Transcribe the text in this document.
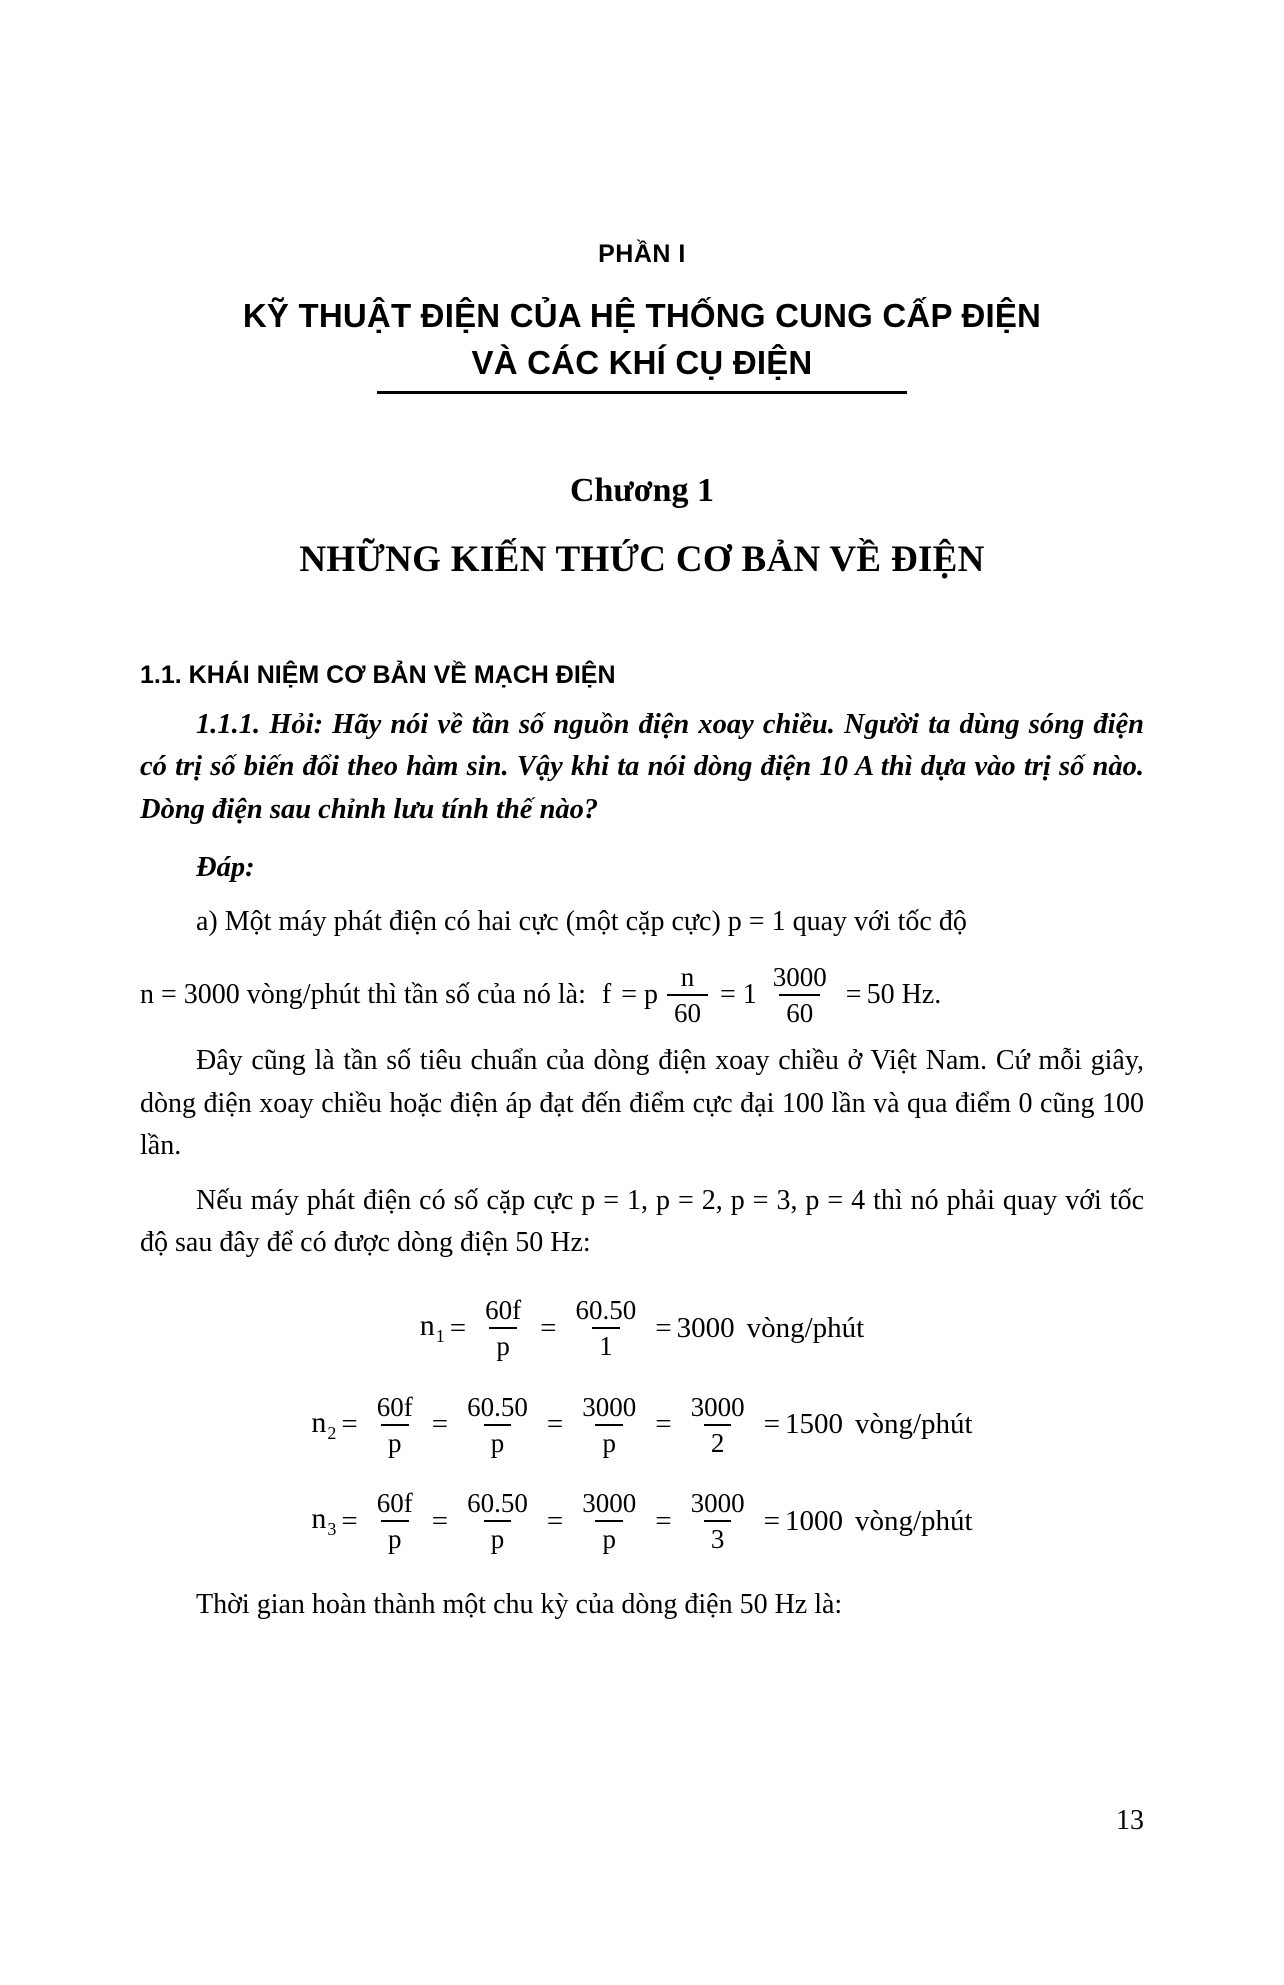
PHẦN I
KỸ THUẬT ĐIỆN CỦA HỆ THỐNG CUNG CẤP ĐIỆN
VÀ CÁC KHÍ CỤ ĐIỆN
Chương 1
NHỮNG KIẾN THỨC CƠ BẢN VỀ ĐIỆN
1.1. KHÁI NIỆM CƠ BẢN VỀ MẠCH ĐIỆN

1.1.1. Hỏi: Hãy nói về tần số nguồn điện xoay chiều. Người ta dùng sóng điện có trị số biến đổi theo hàm sin. Vậy khi ta nói dòng điện 10 A thì dựa vào trị số nào. Dòng điện sau chỉnh lưu tính thế nào?

Đáp:

a) Một máy phát điện có hai cực (một cặp cực) p = 1 quay với tốc độ

n = 3000 vòng/phút thì tần số của nó là: f = p $\frac{n}{60} = 1 \frac{3000}{60} = 50$ Hz.

Đây cũng là tần số tiêu chuẩn của dòng điện xoay chiều ở Việt Nam. Cứ mỗi giây, dòng điện xoay chiều hoặc điện áp đạt đến điểm cực đại 100 lần và qua điểm 0 cũng 100 lần.

Nếu máy phát điện có số cặp cực p = 1, p = 2, p = 3, p = 4 thì nó phải quay với tốc độ sau đây để có được dòng điện 50 Hz:

$n_1 = \frac{60f}{p} = \frac{60.50}{1} = 3000$ vòng/phút
$n_2 = \frac{60f}{p} = \frac{60.50}{p} = \frac{3000}{p} = \frac{3000}{2} = 1500$ vòng/phút
$n_3 = \frac{60f}{p} = \frac{60.50}{p} = \frac{3000}{p} = \frac{3000}{3} = 1000$ vòng/phút

Thời gian hoàn thành một chu kỳ của dòng điện 50 Hz là:

13
